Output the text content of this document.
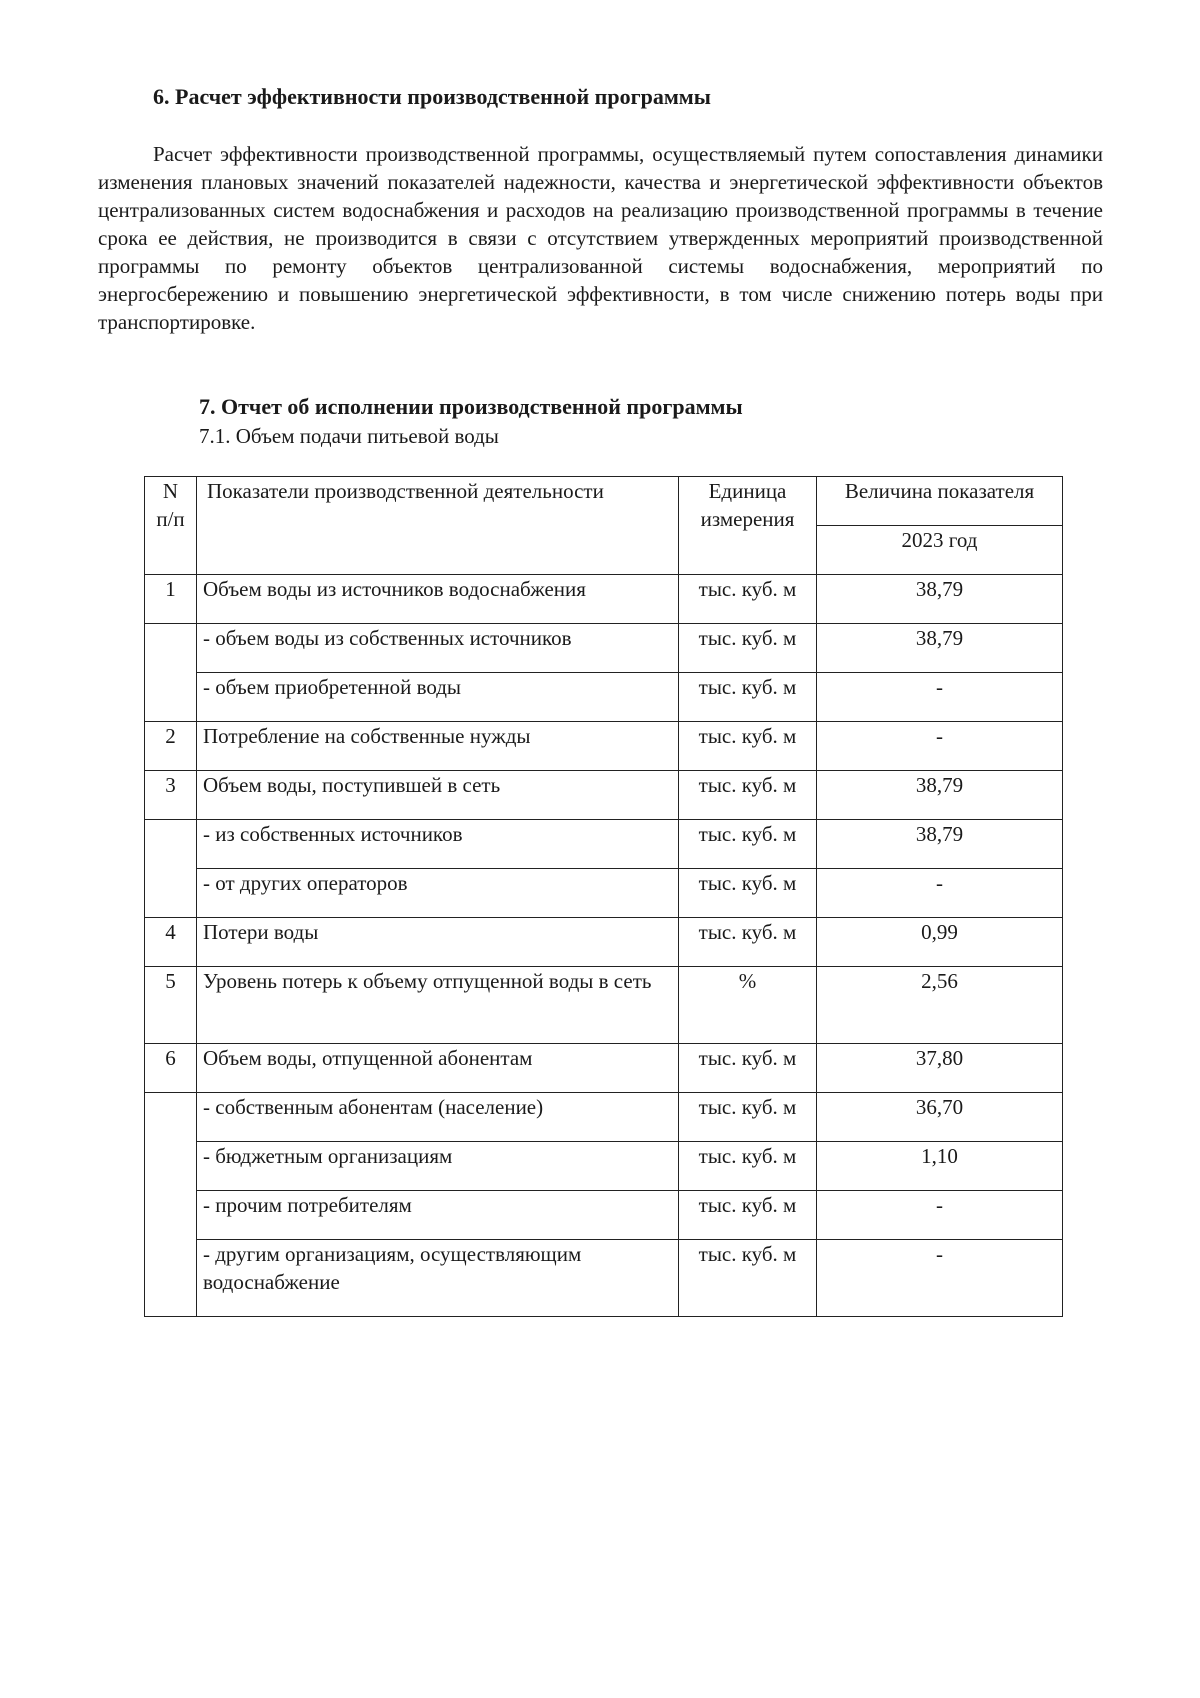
6. Расчет эффективности производственной программы

Расчет эффективности производственной программы, осуществляемый путем сопоставления динамики изменения плановых значений показателей надежности, качества и энергетической эффективности объектов централизованных систем водоснабжения и расходов на реализацию производственной программы в течение срока ее действия, не производится в связи с отсутствием утвержденных мероприятий производственной программы по ремонту объектов централизованной системы водоснабжения, мероприятий по энергосбережению и повышению энергетической эффективности, в том числе снижению потерь воды при транспортировке.

7. Отчет об исполнении производственной программы
7.1. Объем подачи питьевой воды
N
п/п	Показатели производственной деятельности	Единица измерения	Величина показателя
			2023 год
1	Объем воды из источников водоснабжения	тыс. куб. м	38,79
	- объем воды из собственных источников	тыс. куб. м	38,79
	- объем приобретенной воды	тыс. куб. м	-
2	Потребление на собственные нужды	тыс. куб. м	-
3	Объем воды, поступившей в сеть	тыс. куб. м	38,79
	- из собственных источников	тыс. куб. м	38,79
	- от других операторов	тыс. куб. м	-
4	Потери воды	тыс. куб. м	0,99
5	Уровень потерь к объему отпущенной воды в сеть	%	2,56
6	Объем воды, отпущенной абонентам	тыс. куб. м	37,80
	- собственным абонентам (население)	тыс. куб. м	36,70
	- бюджетным организациям	тыс. куб. м	1,10
	- прочим потребителям	тыс. куб. м	-
	- другим организациям, осуществляющим водоснабжение	тыс. куб. м	-
